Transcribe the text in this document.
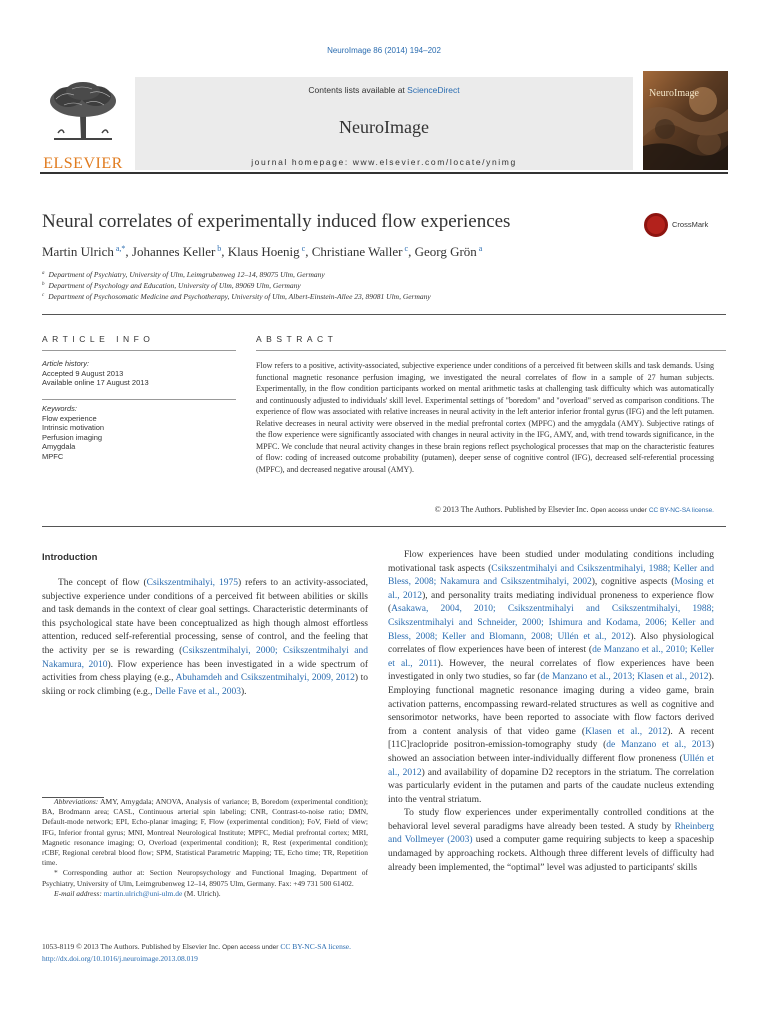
NeuroImage 86 (2014) 194–202
ELSEVIER
Contents lists available at ScienceDirect
NeuroImage
journal homepage: www.elsevier.com/locate/ynimg
NeuroImage
Neural correlates of experimentally induced flow experiences	CrossMark
Martin Ulrich $^{a,*}$, Johannes Keller $^b$, Klaus Hoenig $^c$, Christiane Waller $^c$, Georg Grön $^a$
$^a$ Department of Psychiatry, University of Ulm, Leimgrubenweg 12–14, 89075 Ulm, Germany
$^b$ Department of Psychology and Education, University of Ulm, 89069 Ulm, Germany
$^c$ Department of Psychosomatic Medicine and Psychotherapy, University of Ulm, Albert-Einstein-Allee 23, 89081 Ulm, Germany
ARTICLE INFO	ABSTRACT
Article history:
Accepted 9 August 2013
Available online 17 August 2013
Keywords:
Flow experience
Intrinsic motivation
Perfusion imaging
Amygdala
MPFC
Flow refers to a positive, activity-associated, subjective experience under conditions of a perceived fit between skills and task demands. Using functional magnetic resonance perfusion imaging, we investigated the neural correlates of flow in a sample of 27 human subjects. Experimentally, in the flow condition participants worked on mental arithmetic tasks at challenging task difficulty which was automatically and continuously adjusted to individuals' skill level. Experimental settings of "boredom" and "overload" served as comparison conditions. The experience of flow was associated with relative increases in neural activity in the left anterior inferior frontal gyrus (IFG) and the left putamen. Relative decreases in neural activity were observed in the medial prefrontal cortex (MPFC) and the amygdala (AMY). Subjective ratings of the flow experience were significantly associated with changes in neural activity in the IFG, AMY, and, with trend towards significance, in the MPFC. We conclude that neural activity changes in these brain regions reflect psychological processes that map on the characteristic features of flow: coding of increased outcome probability (putamen), deeper sense of cognitive control (IFG), decreased self-referential processing (MPFC), and decreased negative arousal (AMY).
© 2013 The Authors. Published by Elsevier Inc. Open access under CC BY-NC-SA license.
Introduction

The concept of flow (Csikszentmihalyi, 1975) refers to an activity-associated, subjective experience under conditions of a perceived fit between abilities or skills and task demands in the context of clear goal settings. Characteristic determinants of this psychological state have been conceptualized as high though almost effortless attention, reduced self-referential processing, sense of control, and the feeling that the activity per se is rewarding (Csikszentmihalyi, 2000; Csikszentmihalyi and Nakamura, 2010). Flow experience has been investigated in a wide spectrum of activities from chess playing (e.g., Abuhamdeh and Csikszentmihalyi, 2009, 2012) to skiing or rock climbing (e.g., Delle Fave et al., 2003).

Flow experiences have been studied under modulating conditions including motivational task aspects (Csikszentmihalyi and Csikszentmihalyi, 1988; Keller and Bless, 2008; Nakamura and Csikszentmihalyi, 2002), cognitive aspects (Mosing et al., 2012), and personality traits mediating individual proneness to experience flow (Asakawa, 2004, 2010; Csikszentmihalyi and Csikszentmihalyi, 1988; Csikszentmihalyi and Schneider, 2000; Ishimura and Kodama, 2006; Keller and Bless, 2008; Keller and Blomann, 2008; Ullén et al., 2012). Also physiological correlates of flow experiences have been of interest (de Manzano et al., 2010; Keller et al., 2011). However, the neural correlates of flow experiences have been investigated in only two studies, so far (de Manzano et al., 2013; Klasen et al., 2012). Employing functional magnetic resonance imaging during a video game, brain activation patterns, encompassing reward-related structures as well as cognitive and sensorimotor networks, have been reported to associate with flow factors derived from a content analysis of that video game (Klasen et al., 2012). A recent [11C]raclopride positron-emission-tomography study (de Manzano et al., 2013) showed an association between inter-individually different flow proneness (Ullén et al., 2012) and availability of dopamine D2 receptors in the striatum. The correlation was particularly evident in the putamen and parts of the caudate nucleus extending into the ventral striatum.

To study flow experiences under experimentally controlled conditions at the behavioral level several paradigms have already been tested. A study by Rheinberg and Vollmeyer (2003) used a computer game requiring subjects to keep a spaceship undamaged by approaching rockets. Although three different levels of difficulty had already been implemented, the “optimal” level was adjusted to participants' skills

Abbreviations: AMY, Amygdala; ANOVA, Analysis of variance; B, Boredom (experimental condition); BA, Brodmann area; CASL, Continuous arterial spin labeling; CNR, Contrast-to-noise ratio; DMN, Default-mode network; EPI, Echo-planar imaging; F, Flow (experimental condition); FoV, Field of view; IFG, Inferior frontal gyrus; MNI, Montreal Neurological Institute; MPFC, Medial prefrontal cortex; MRI, Magnetic resonance imaging; O, Overload (experimental condition); R, Rest (experimental condition); rCBF, Regional cerebral blood flow; SPM, Statistical Parametric Mapping; TE, Echo time; TR, Repetition time.

* Corresponding author at: Section Neuropsychology and Functional Imaging, Department of Psychiatry, University of Ulm, Leimgrubenweg 12–14, 89075 Ulm, Germany. Fax: +49 731 500 61402.

E-mail address: martin.ulrich@uni-ulm.de (M. Ulrich).

1053-8119 © 2013 The Authors. Published by Elsevier Inc. Open access under CC BY-NC-SA license.
http://dx.doi.org/10.1016/j.neuroimage.2013.08.019
